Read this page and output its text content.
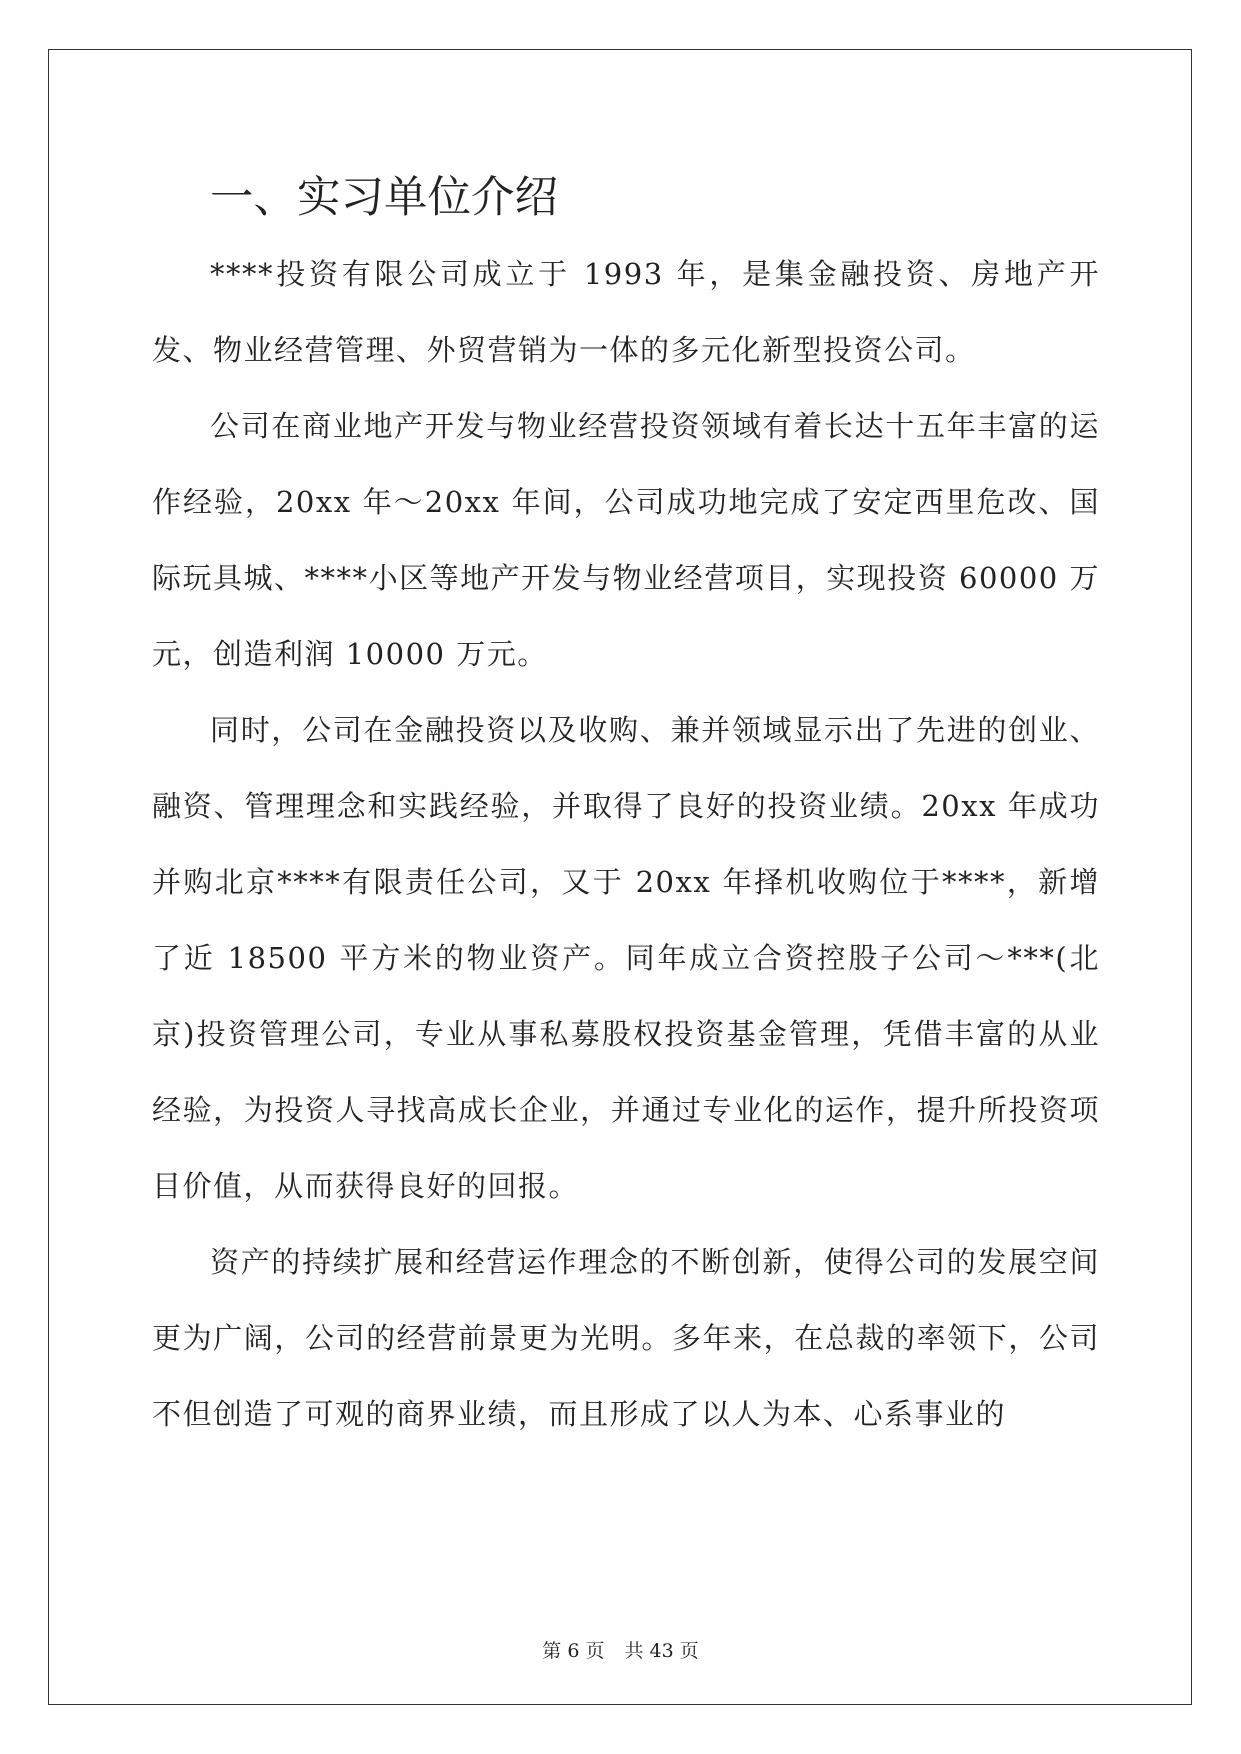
一、实习单位介绍

****投资有限公司成立于 1993 年，是集金融投资、房地产开发、物业经营管理、外贸营销为一体的多元化新型投资公司。

公司在商业地产开发与物业经营投资领域有着长达十五年丰富的运作经验，20xx 年～20xx 年间，公司成功地完成了安定西里危改、国际玩具城、****小区等地产开发与物业经营项目，实现投资 60000 万元，创造利润 10000 万元。

同时，公司在金融投资以及收购、兼并领域显示出了先进的创业、融资、管理理念和实践经验，并取得了良好的投资业绩。20xx 年成功并购北京****有限责任公司，又于 20xx 年择机收购位于****，新增了近 18500 平方米的物业资产。同年成立合资控股子公司～***(北京)投资管理公司，专业从事私募股权投资基金管理，凭借丰富的从业经验，为投资人寻找高成长企业，并通过专业化的运作，提升所投资项目价值，从而获得良好的回报。

资产的持续扩展和经营运作理念的不断创新，使得公司的发展空间更为广阔，公司的经营前景更为光明。多年来，在总裁的率领下，公司不但创造了可观的商界业绩，而且形成了以人为本、心系事业的

第 6 页 共 43 页
